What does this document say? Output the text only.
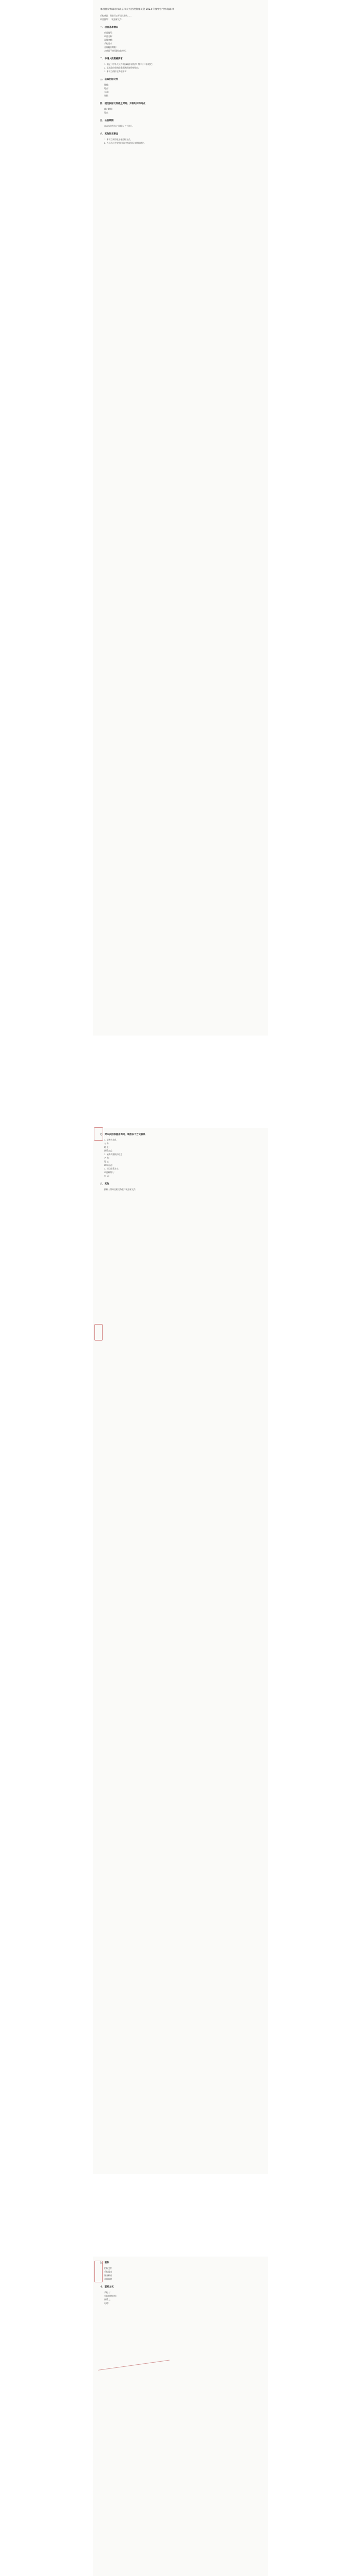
本项目采购需求书北京市大兴区教育委员会 2023 年度中小学体育器材
采购项目，现进行公开招标采购……
项目编号：（见招标文件）
一、项目基本情况
项目编号：
项目名称：
预算金额：
采购需求：
合同履行期限：
本项目不接受联合体投标。
二、申请人的资格要求
1. 满足《中华人民共和国政府采购法》第二十二条规定；
2. 落实政府采购政策需满足的资格要求；
3. 本项目的特定资格要求：
三、获取招标文件
时间：
地点：
方式：
售价：
四、提交投标文件截止时间、开标时间和地点
截止时间：
地点：
五、公告期限
自本公告发布之日起 5 个工作日。
六、其他补充事宜
1. 本项目采用电子化招标方式。
2. 投标人应在规定时间内完成投标文件的递交。
七、对本次招标提出询问，请按以下方式联系
1. 采购人信息
名 称：
地 址：
联系方式：
2. 采购代理机构信息
名 称：
地 址：
联系方式：
3. 项目联系方式
项目联系人：
电 话：
八、其他
投标人须知及相关条款详见招标文件。
九、附件
招标文件
采购需求
评分标准
合同条款
十、联系方式
采购人：
采购代理机构：
联系人：
电话：
